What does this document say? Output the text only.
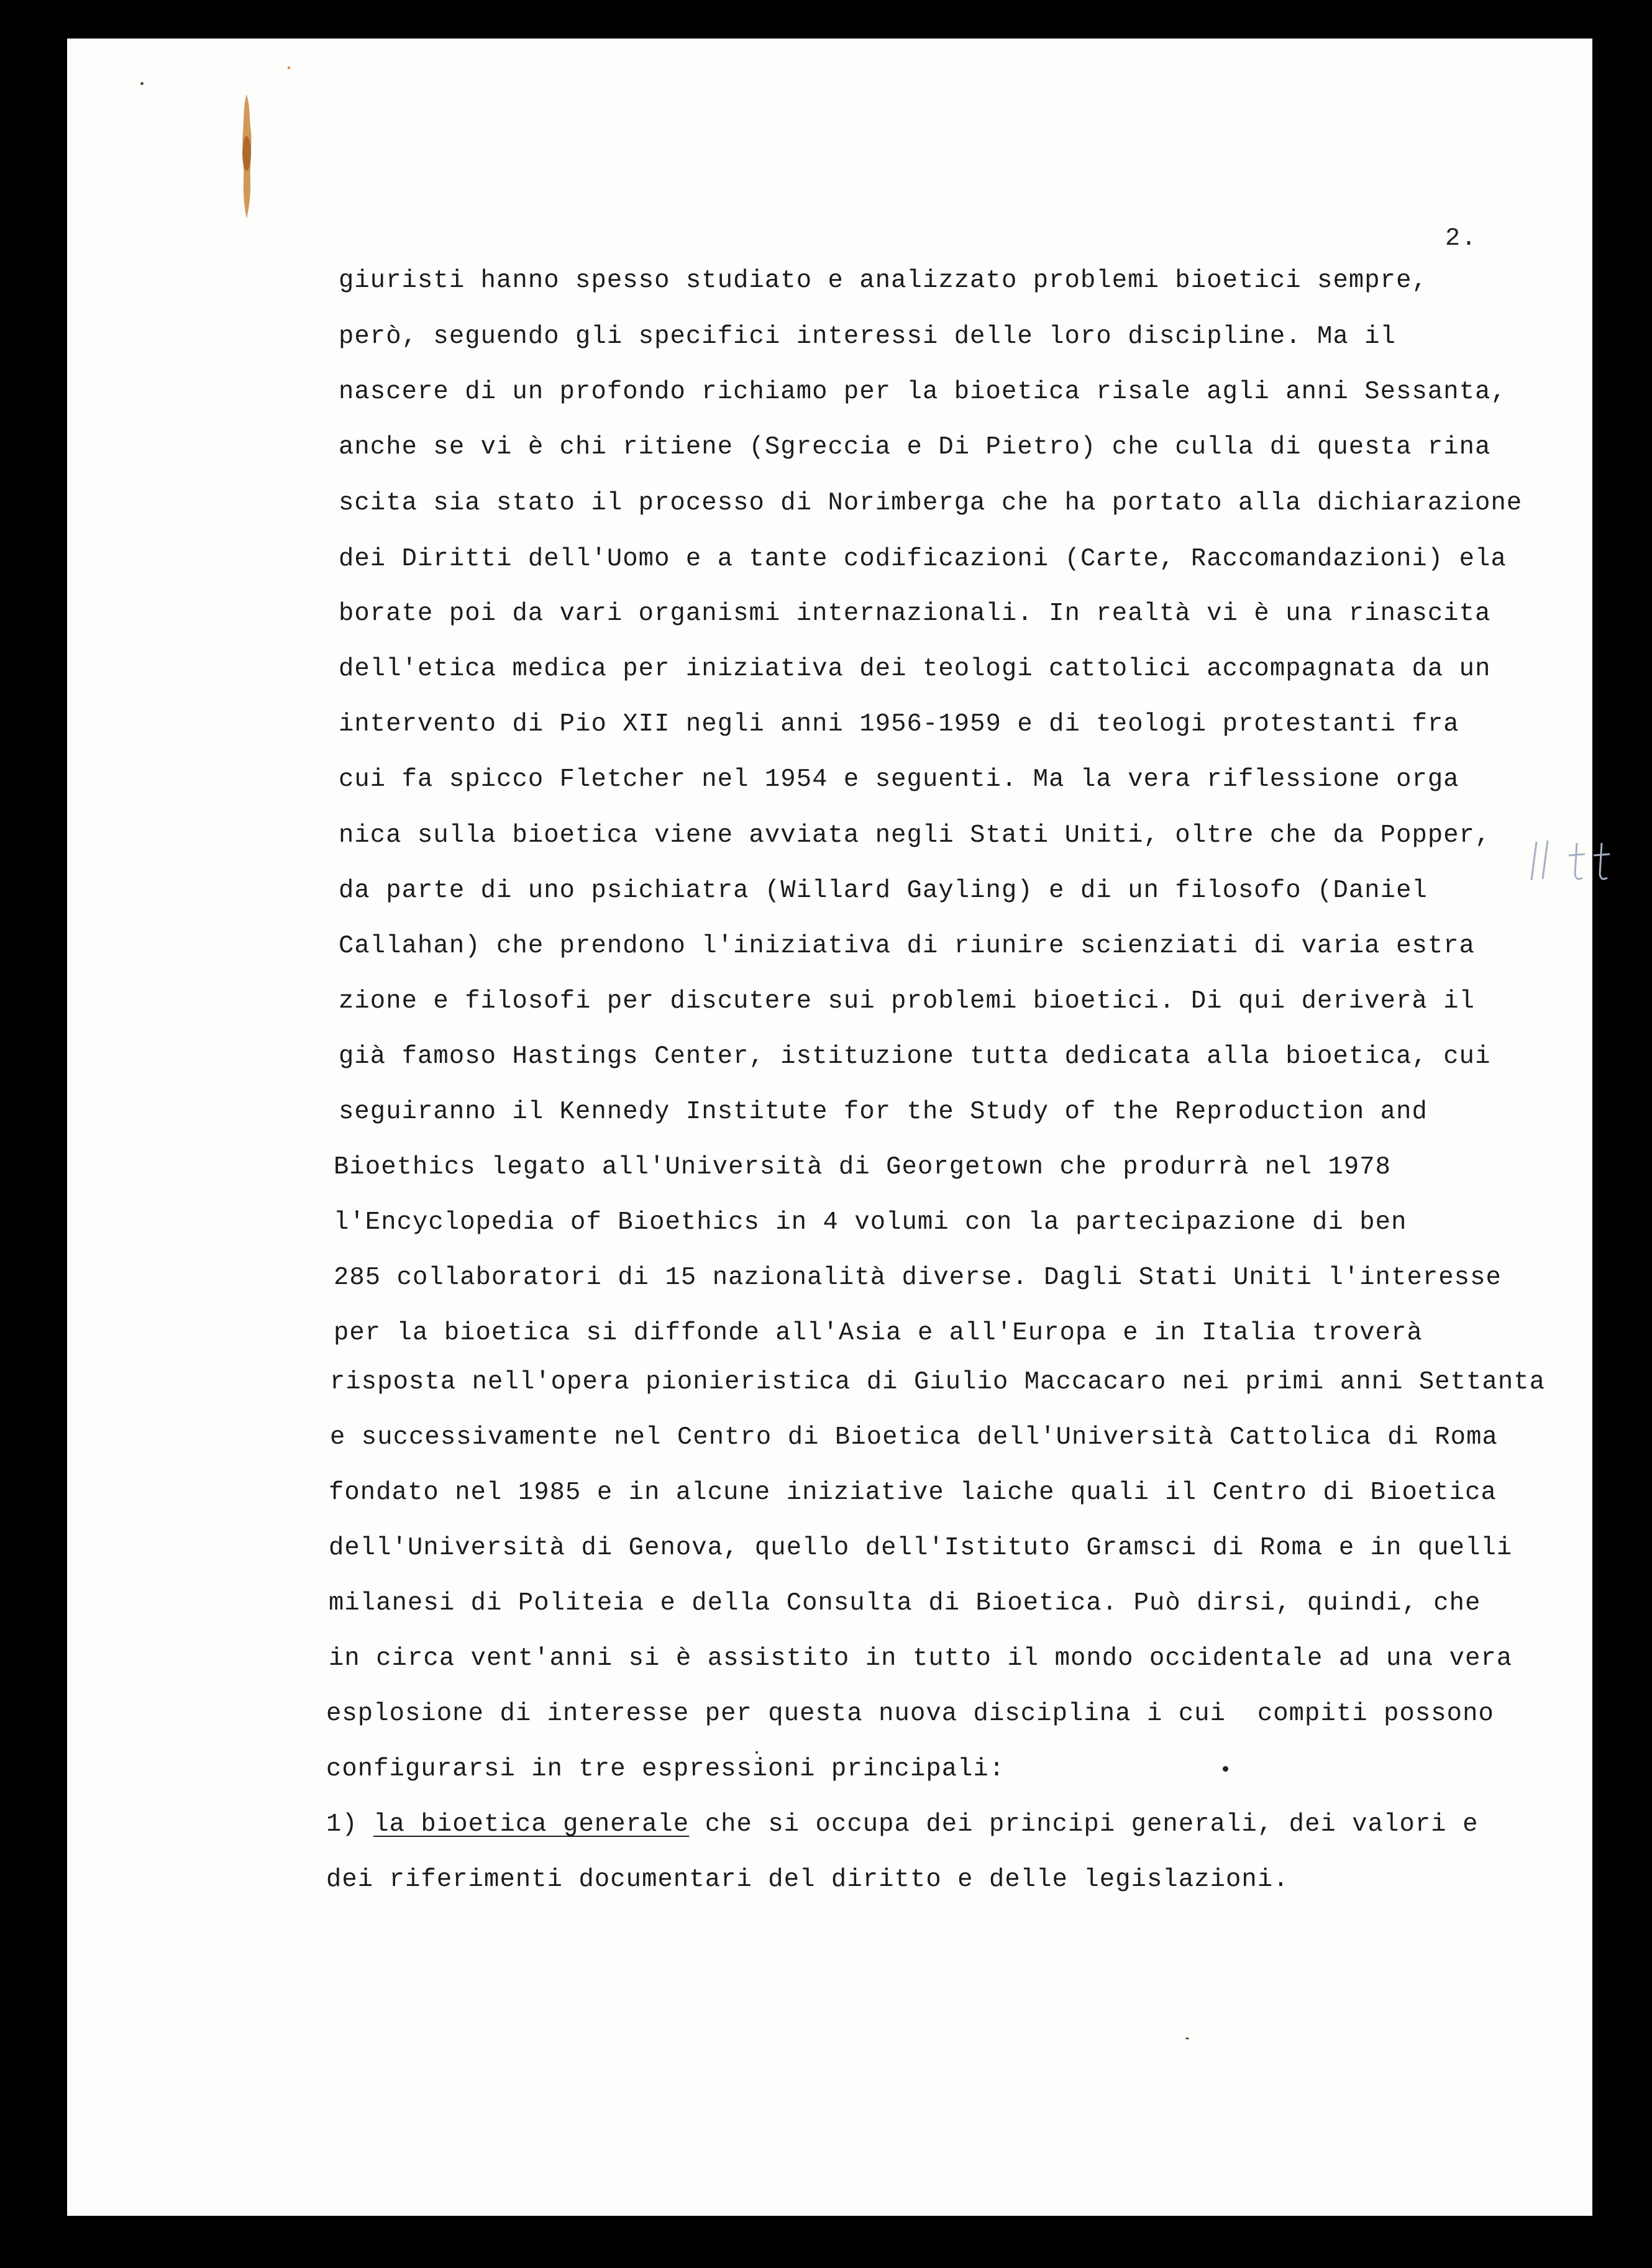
2.
giuristi hanno spesso studiato e analizzato problemi bioetici sempre,
però, seguendo gli specifici interessi delle loro discipline. Ma il
nascere di un profondo richiamo per la bioetica risale agli anni Sessanta,
anche se vi è chi ritiene (Sgreccia e Di Pietro) che culla di questa rina
scita sia stato il processo di Norimberga che ha portato alla dichiarazione
dei Diritti dell'Uomo e a tante codificazioni (Carte, Raccomandazioni) ela
borate poi da vari organismi internazionali. In realtà vi è una rinascita
dell'etica medica per iniziativa dei teologi cattolici accompagnata da un
intervento di Pio XII negli anni 1956-1959 e di teologi protestanti fra
cui fa spicco Fletcher nel 1954 e seguenti. Ma la vera riflessione orga
nica sulla bioetica viene avviata negli Stati Uniti, oltre che da Popper,
da parte di uno psichiatra (Willard Gayling) e di un filosofo (Daniel
Callahan) che prendono l'iniziativa di riunire scienziati di varia estra
zione e filosofi per discutere sui problemi bioetici. Di qui deriverà il
già famoso Hastings Center, istituzione tutta dedicata alla bioetica, cui
seguiranno il Kennedy Institute for the Study of the Reproduction and
Bioethics legato all'Università di Georgetown che produrrà nel 1978
l'Encyclopedia of Bioethics in 4 volumi con la partecipazione di ben
285 collaboratori di 15 nazionalità diverse. Dagli Stati Uniti l'interesse
per la bioetica si diffonde all'Asia e all'Europa e in Italia troverà
risposta nell'opera pionieristica di Giulio Maccacaro nei primi anni Settanta
e successivamente nel Centro di Bioetica dell'Università Cattolica di Roma
fondato nel 1985 e in alcune iniziative laiche quali il Centro di Bioetica
dell'Università di Genova, quello dell'Istituto Gramsci di Roma e in quelli
milanesi di Politeia e della Consulta di Bioetica. Può dirsi, quindi, che
in circa vent'anni si è assistito in tutto il mondo occidentale ad una vera
esplosione di interesse per questa nuova disciplina i cui  compiti possono
configurarsi in tre espressioni principali:
1) la bioetica generale che si occupa dei principi generali, dei valori e
dei riferimenti documentari del diritto e delle legislazioni.
